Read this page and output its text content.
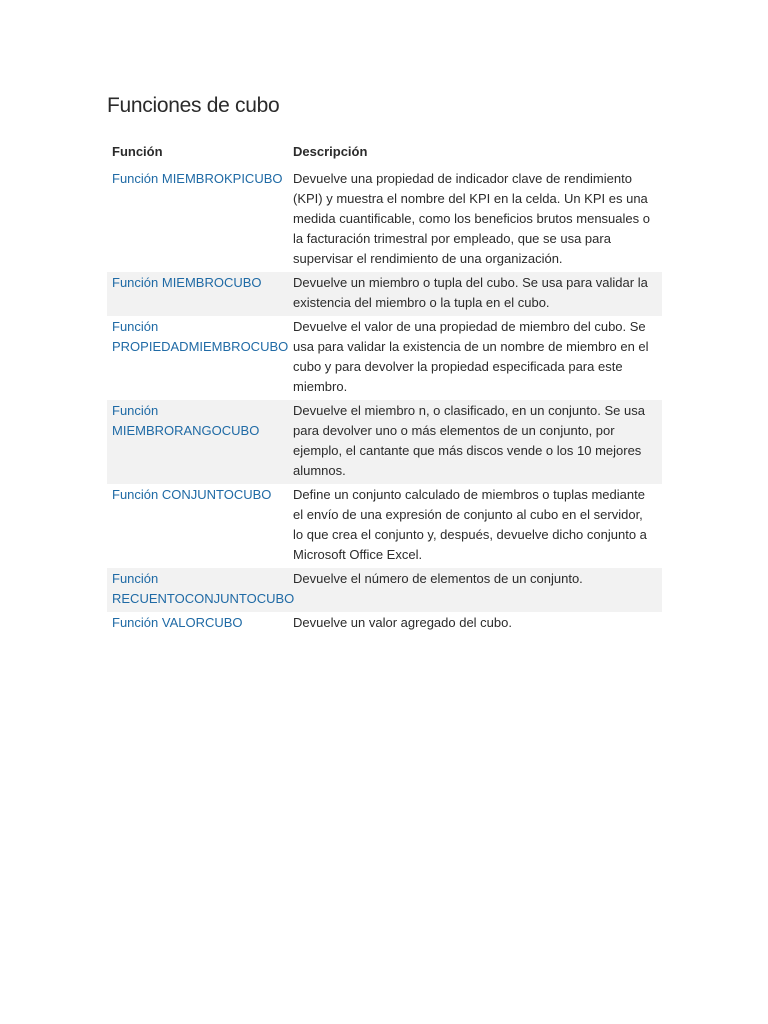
Funciones de cubo
Función	Descripción
Función MIEMBROKPICUBO	Devuelve una propiedad de indicador clave de rendimiento (KPI) y muestra el nombre del KPI en la celda. Un KPI es una medida cuantificable, como los beneficios brutos mensuales o la facturación trimestral por empleado, que se usa para supervisar el rendimiento de una organización.
Función MIEMBROCUBO	Devuelve un miembro o tupla del cubo. Se usa para validar la existencia del miembro o la tupla en el cubo.
Función PROPIEDADMIEMBROCUBO	Devuelve el valor de una propiedad de miembro del cubo. Se usa para validar la existencia de un nombre de miembro en el cubo y para devolver la propiedad especificada para este miembro.
Función MIEMBRORANGOCUBO	Devuelve el miembro n, o clasificado, en un conjunto. Se usa para devolver uno o más elementos de un conjunto, por ejemplo, el cantante que más discos vende o los 10 mejores alumnos.
Función CONJUNTOCUBO	Define un conjunto calculado de miembros o tuplas mediante el envío de una expresión de conjunto al cubo en el servidor, lo que crea el conjunto y, después, devuelve dicho conjunto a Microsoft Office Excel.
Función RECUENTOCONJUNTOCUBO	Devuelve el número de elementos de un conjunto.
Función VALORCUBO	Devuelve un valor agregado del cubo.
